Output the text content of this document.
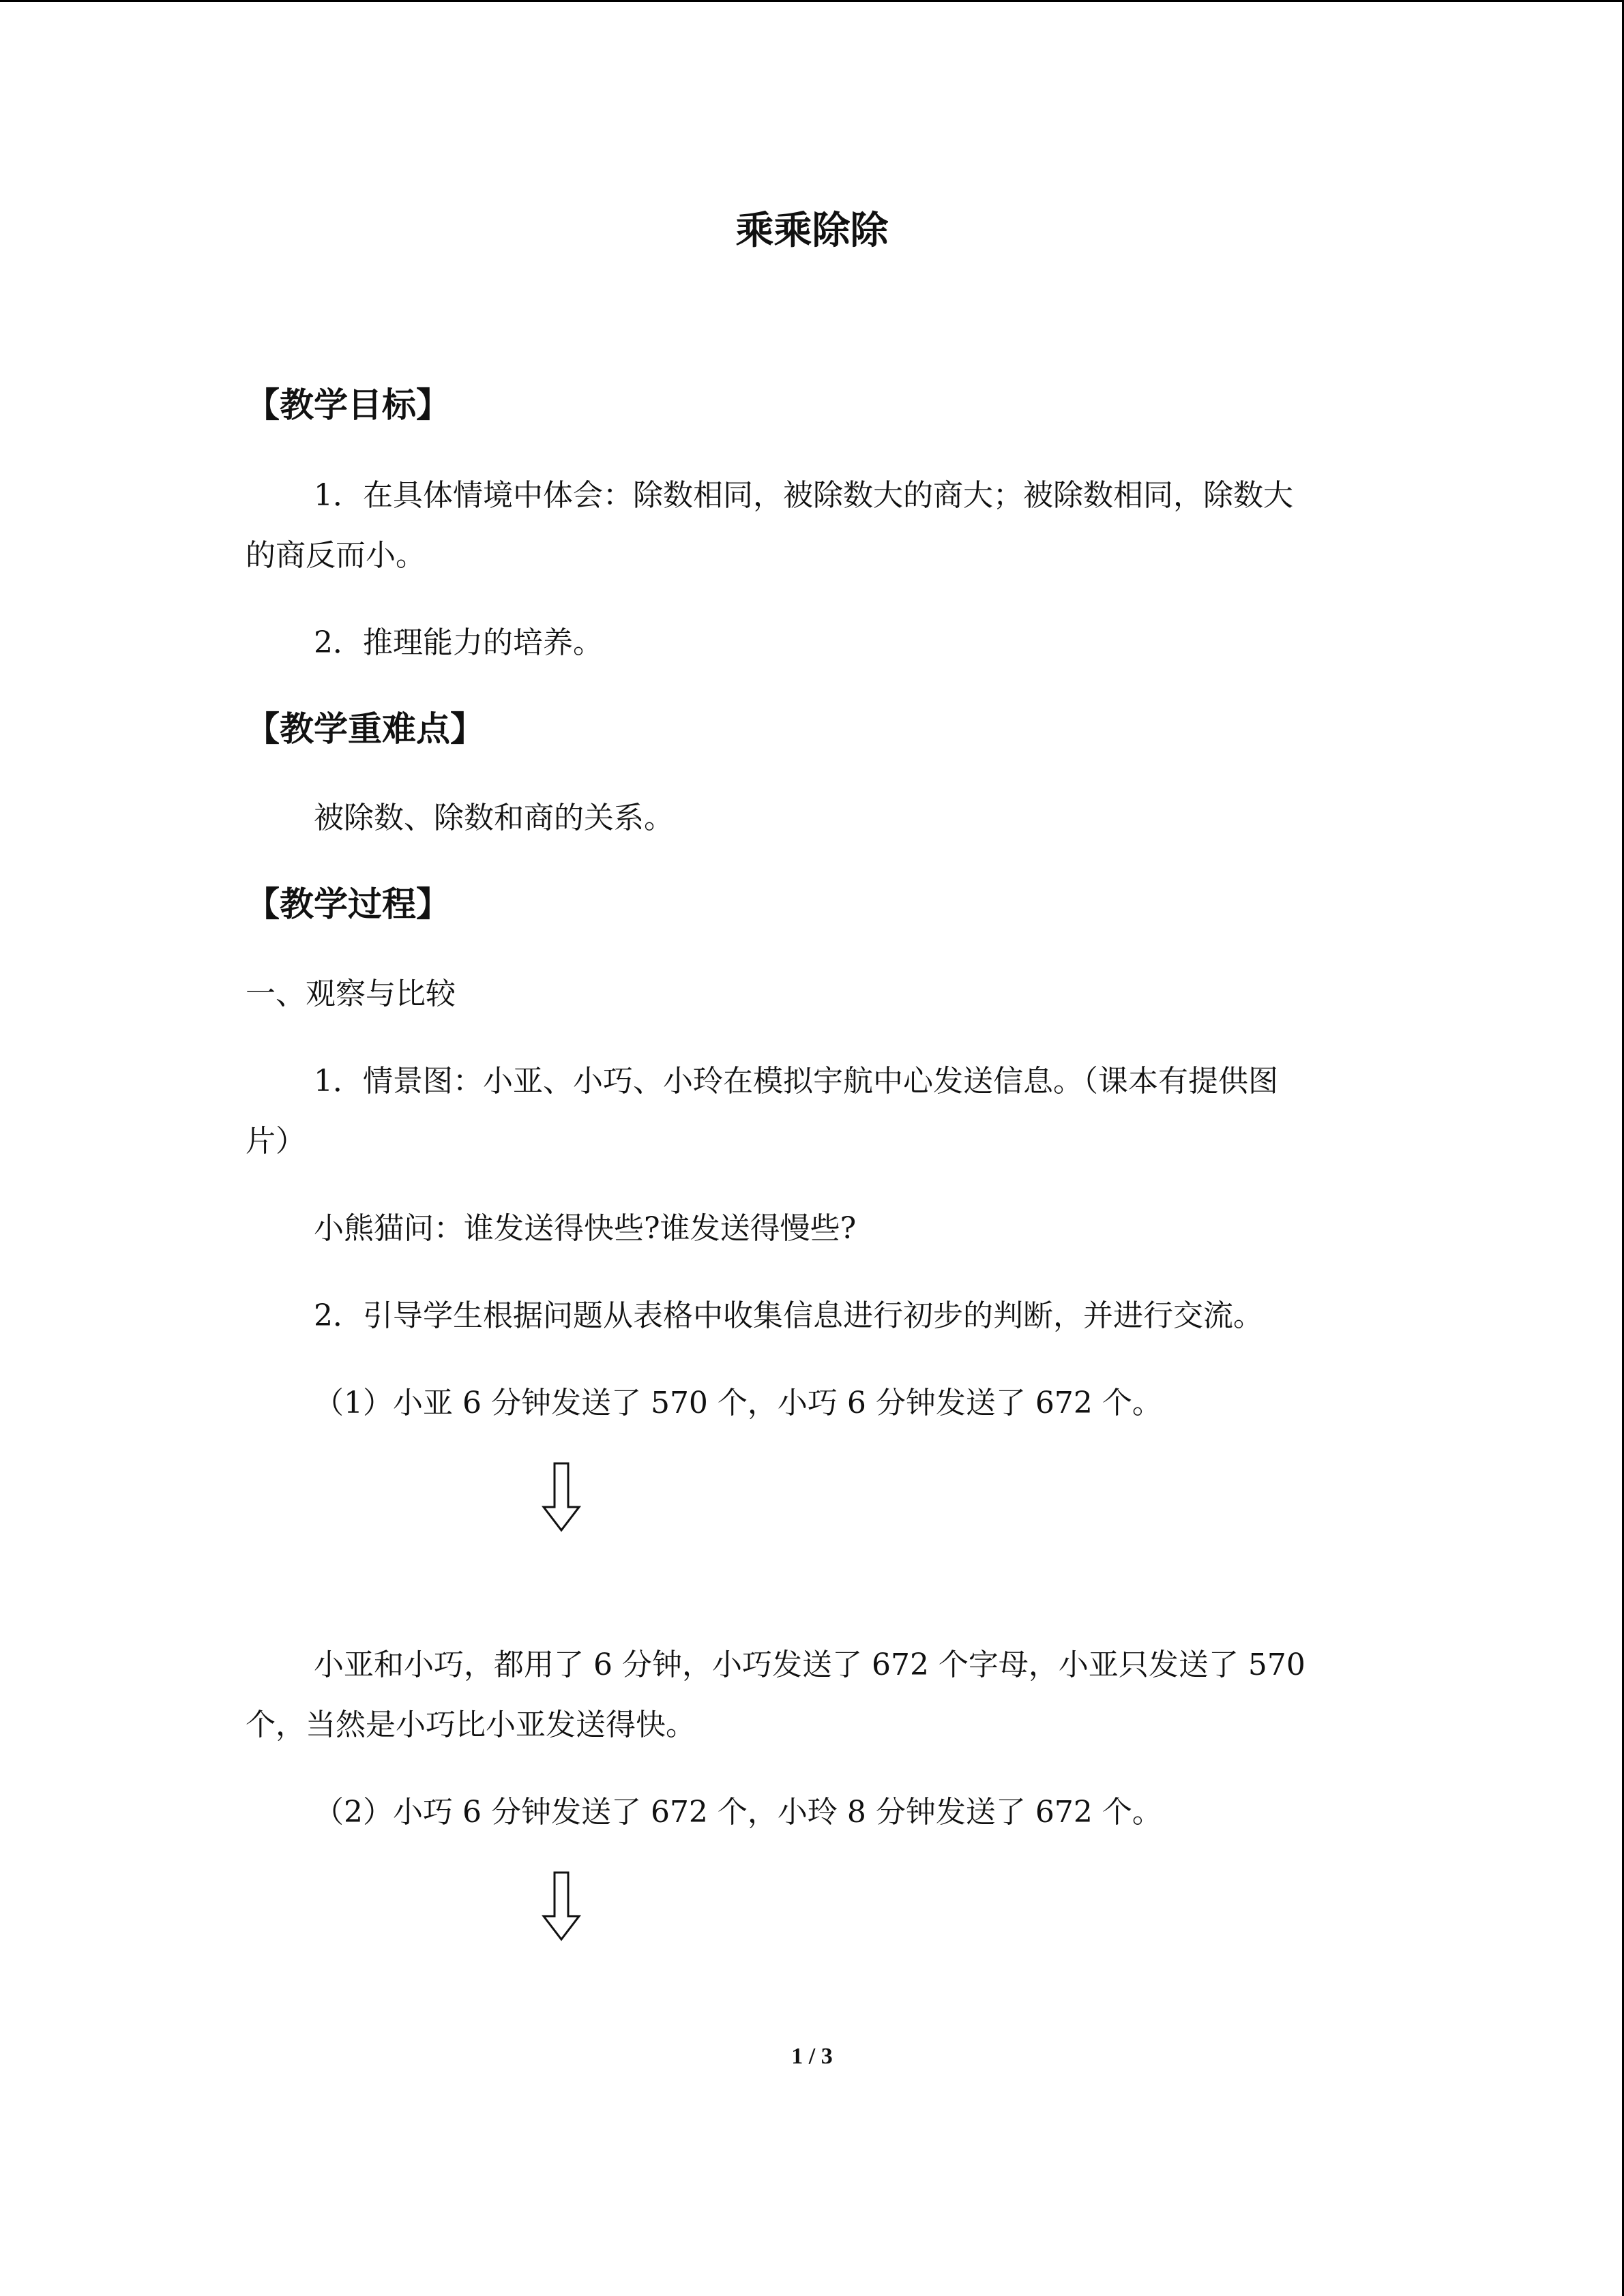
乘乘除除
【教学目标】

1．在具体情境中体会：除数相同，被除数大的商大；被除数相同，除数大

的商反而小。

2．推理能力的培养。

【教学重难点】

被除数、除数和商的关系。

【教学过程】

一、观察与比较

1．情景图：小亚、小巧、小玲在模拟宇航中心发送信息。（课本有提供图

片）

小熊猫问：谁发送得快些?谁发送得慢些?

2．引导学生根据问题从表格中收集信息进行初步的判断，并进行交流。

（1）小亚 6 分钟发送了 570 个，小巧 6 分钟发送了 672 个。

小亚和小巧，都用了 6 分钟，小巧发送了 672 个字母，小亚只发送了 570

个，当然是小巧比小亚发送得快。

（2）小巧 6 分钟发送了 672 个，小玲 8 分钟发送了 672 个。

1 / 3
